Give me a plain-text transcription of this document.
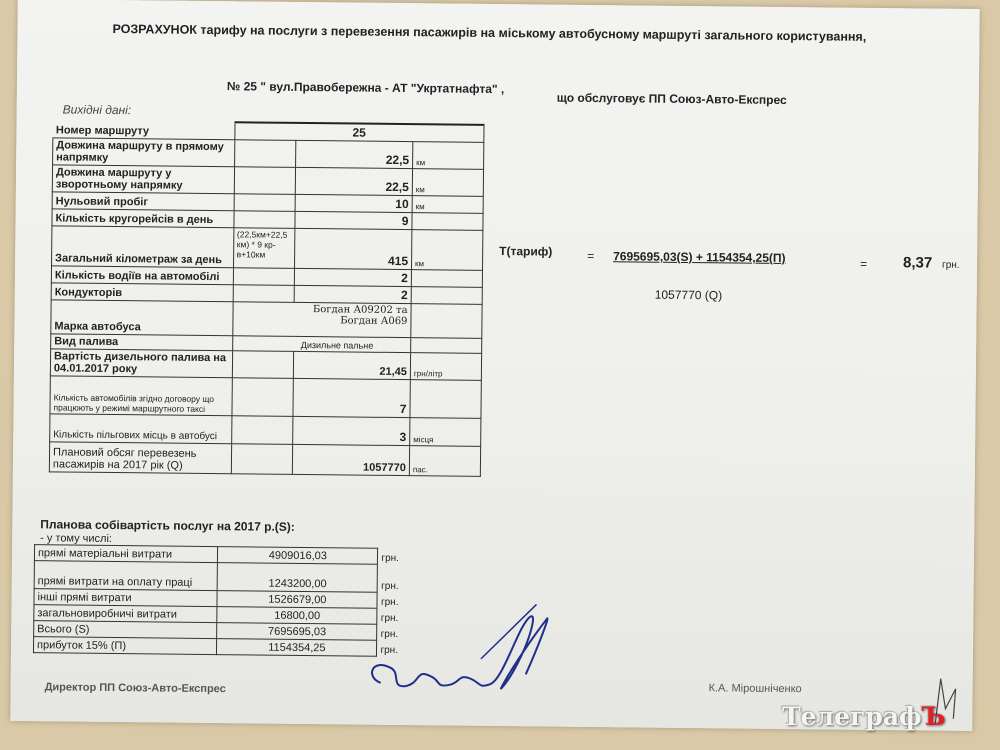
РОЗРАХУНОК тарифу на послуги з перевезення пасажирів на міському автобусному маршруті загального користування,
№ 25 " вул.Правобережна - АТ "Укртатнафта" ,
що обслуговує ПП Союз-Авто-Експрес
Вихідні дані:
Номер маршруту	25		
Довжина маршруту в прямому напрямку		22,5	км
Довжина маршруту у зворотньому напрямку		22,5	км
Нульовий пробіг		10	км
Кількість кругорейсів в день		9	
Загальний кілометраж за день	(22,5км+22,5 км) * 9 кр-в+10км	415	км
Кількість водіїв на автомобілі		2	
Кондукторів		2	
Марка автобуса	Богдан А09202 та Богдан А069		
Вид палива	Дизильне пальне		
Вартість дизельного палива на 04.01.2017 року		21,45	грн/літр
Кількість автомобілів згідно договору що працюють у режимі маршрутного таксі		7	
Кількість пільгових місць в автобусі		3	місця
Плановий обсяг перевезень пасажирів на 2017 рік (Q)		1057770	пас.
Т(тариф)	= 7695695,03(S) + 1154354,25(П)	= 8,37 грн.
1057770 (Q)
Планова собівартість послуг на 2017 р.(S):
- у тому числі:
прямі матеріальні витрати	4909016,03	грн.
прямі витрати на оплату праці	1243200,00	грн.
інші прямі витрати	1526679,00	грн.
загальновиробничі витрати	16800,00	грн.
Всього (S)	7695695,03	грн.
прибуток 15% (П)	1154354,25	грн.
Директор ПП Союз-Авто-Експрес	К.А. Мірошніченко
ТелеграфЪ
